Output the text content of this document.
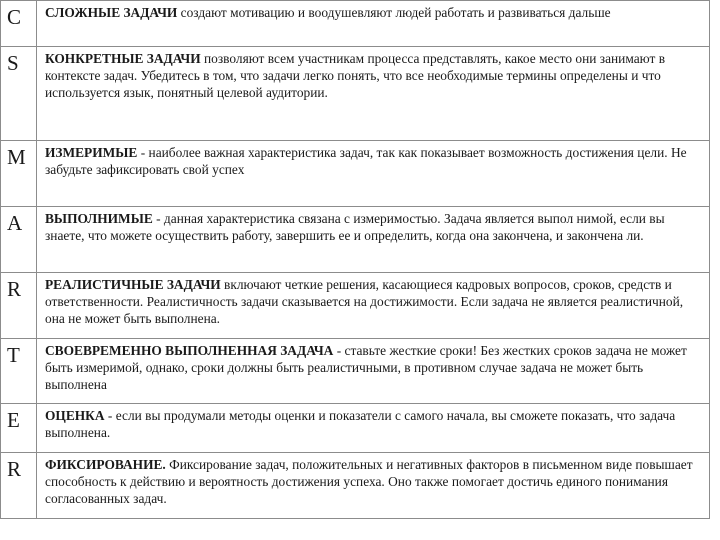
С	СЛОЖНЫЕ ЗАДАЧИ создают мотивацию и воодушевляют людей работать и развиваться дальше
S	КОНКРЕТНЫЕ ЗАДАЧИ позволяют всем участникам процесса представлять, какое место они занимают в контексте задач. Убедитесь в том, что задачи легко понять, что все необходимые термины определены и что используется язык, понятный целевой аудитории.
M	ИЗМЕРИМЫЕ - наиболее важная характеристика задач, так как показывает возможность достижения цели. Не забудьте зафиксировать свой успех
A	ВЫПОЛНИМЫЕ - данная характеристика связана с измеримостью. Задача является выпол нимой, если вы знаете, что можете осуществить работу, завершить ее и определить, когда она закончена, и закончена ли.
R	РЕАЛИСТИЧНЫЕ ЗАДАЧИ включают четкие решения, касающиеся кадровых вопросов, сроков, средств и ответственности. Реалистичность задачи сказывается на достижимости. Если задача не является реалистичной, она не может быть выполнена.
T	СВОЕВРЕМЕННО ВЫПОЛНЕННАЯ ЗАДАЧА - ставьте жесткие сроки! Без жестких сроков задача не может быть измеримой, однако, сроки должны быть реалистичными, в противном случае задача не может быть выполнена
E	ОЦЕНКА - если вы продумали методы оценки и показатели с самого начала, вы сможете показать, что задача выполнена.
R	ФИКСИРОВАНИЕ. Фиксирование задач, положительных и негативных факторов в письменном виде повышает способность к действию и вероятность достижения успеха. Оно также помогает достичь единого понимания согласованных задач.
